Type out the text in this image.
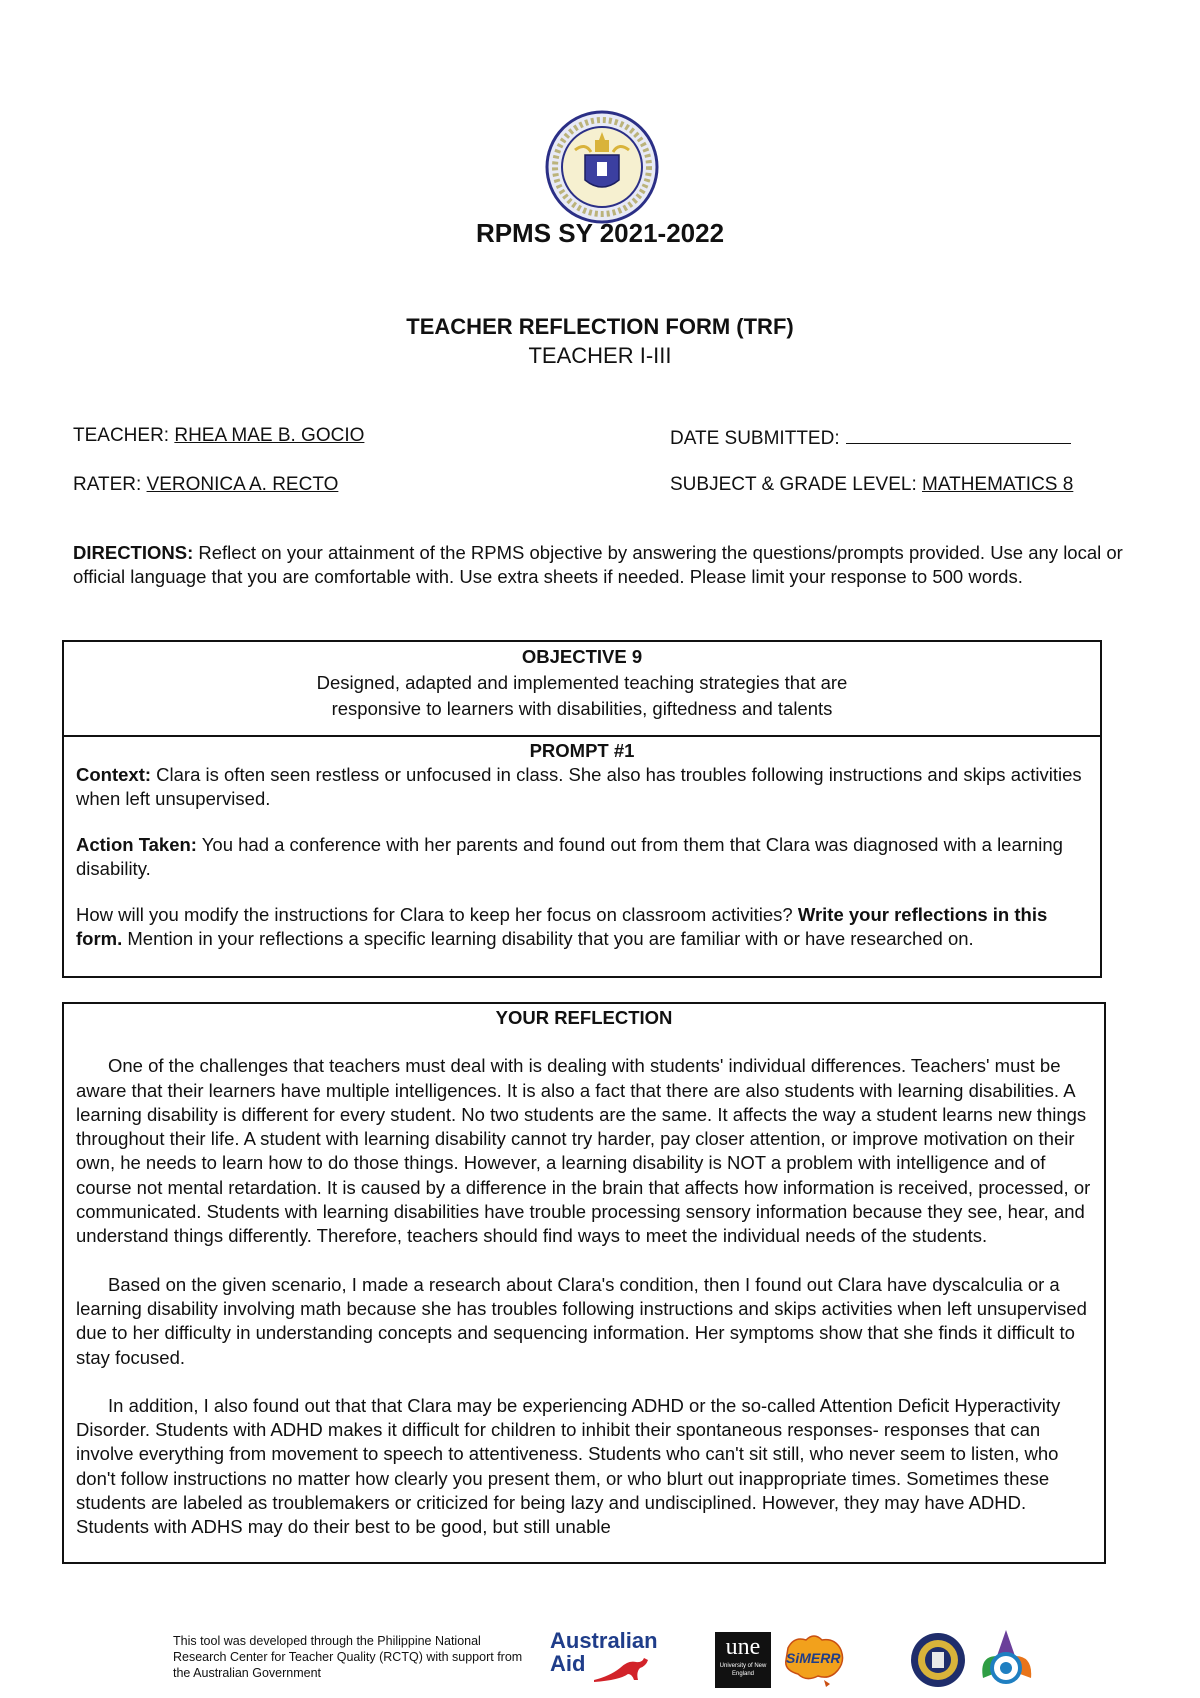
RPMS SY 2021-2022
TEACHER REFLECTION FORM (TRF)
TEACHER I-III
TEACHER: RHEA MAE B. GOCIO	DATE SUBMITTED:
RATER: VERONICA A. RECTO	SUBJECT & GRADE LEVEL: MATHEMATICS 8
DIRECTIONS: Reflect on your attainment of the RPMS objective by answering the questions/prompts provided. Use any local or official language that you are comfortable with. Use extra sheets if needed. Please limit your response to 500 words.
OBJECTIVE 9
Designed, adapted and implemented teaching strategies that are
responsive to learners with disabilities, giftedness and talents
PROMPT #1

Context: Clara is often seen restless or unfocused in class. She also has troubles following instructions and skips activities when left unsupervised.

Action Taken: You had a conference with her parents and found out from them that Clara was diagnosed with a learning disability.

How will you modify the instructions for Clara to keep her focus on classroom activities? Write your reflections in this form. Mention in your reflections a specific learning disability that you are familiar with or have researched on.

YOUR REFLECTION

One of the challenges that teachers must deal with is dealing with students' individual differences. Teachers' must be aware that their learners have multiple intelligences. It is also a fact that there are also students with learning disabilities. A learning disability is different for every student. No two students are the same. It affects the way a student learns new things throughout their life. A student with learning disability cannot try harder, pay closer attention, or improve motivation on their own, he needs to learn how to do those things. However, a learning disability is NOT a problem with intelligence and of course not mental retardation. It is caused by a difference in the brain that affects how information is received, processed, or communicated. Students with learning disabilities have trouble processing sensory information because they see, hear, and understand things differently. Therefore, teachers should find ways to meet the individual needs of the students.

Based on the given scenario, I made a research about Clara's condition, then I found out Clara have dyscalculia or a learning disability involving math because she has troubles following instructions and skips activities when left unsupervised due to her difficulty in understanding concepts and sequencing information. Her symptoms show that she finds it difficult to stay focused.

In addition, I also found out that that Clara may be experiencing ADHD or the so-called Attention Deficit Hyperactivity Disorder. Students with ADHD makes it difficult for children to inhibit their spontaneous responses- responses that can involve everything from movement to speech to attentiveness. Students who can't sit still, who never seem to listen, who don't follow instructions no matter how clearly you present them, or who blurt out inappropriate times. Sometimes these students are labeled as troublemakers or criticized for being lazy and undisciplined. However, they may have ADHD. Students with ADHS may do their best to be good, but still unable

This tool was developed through the Philippine National Research Center for Teacher Quality (RCTQ) with support from the Australian Government
Australian
Aid
une
University of New England
SiMERR
